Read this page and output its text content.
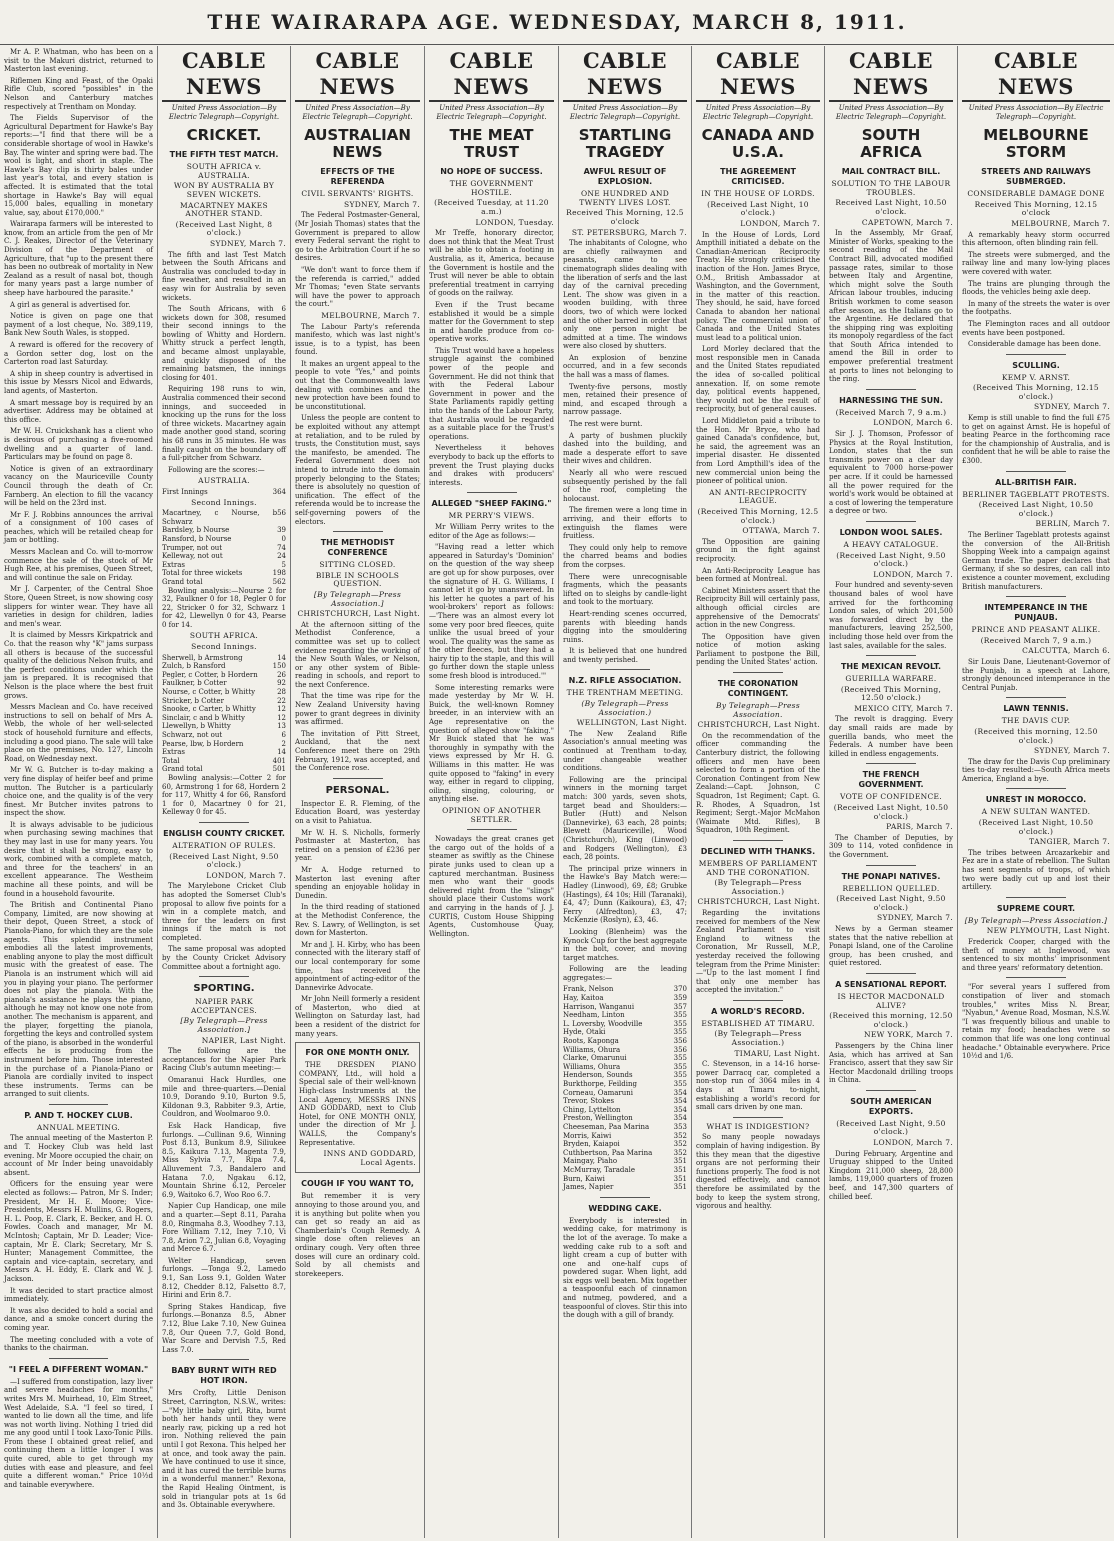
THE WAIRARAPA AGE. WEDNESDAY, MARCH 8, 1911.

Mr A. P. Whatman, who has been on a visit to the Makuri district, returned to Masterton last evening.

Riflemen King and Feast, of the Opaki Rifle Club, scored "possibles" in the Nelson and Canterbury matches respectively at Trentham on Monday.

The Fields Supervisor of the Agricultural Department for Hawke's Bay reports:—"I find that there will be a considerable shortage of wool in Hawke's Bay. The winter and spring were bad. The wool is light, and short in staple. The Hawke's Bay clip is thirty bales under last year's total, and every station is affected. It is estimated that the total shortage in Hawke's Bay will equal 15,000 bales, equalling in monetary value, say, about £170,000."

Wairarapa farmers will be interested to know, from an article from the pen of Mr C. J. Reakes, Director of the Veterinary Division of the Department of Agriculture, that "up to the present there has been no outbreak of mortality in New Zealand as a result of nasal bot, though for many years past a large number of sheep have harboured the parasite."

A girl as general is advertised for.

Notice is given on page one that payment of a lost cheque, No. 389,119, Bank New South Wales, is stopped.

A reward is offered for the recovery of a Gordon setter dog, lost on the Carterton road last Saturday.

A ship in sheep country is advertised in this issue by Messrs Nicol and Edwards, land agents, of Masterton.

A smart message boy is required by an advertiser. Address may be obtained at this office.

Mr W. H. Cruickshank has a client who is desirous of purchasing a five-roomed dwelling and a quarter of land. Particulars may be found on page 8.

Notice is given of an extraordinary vacancy on the Mauriceville County Council through the death of Cr. Farnberg. An election to fill the vacancy will be held on the 23rd inst.

Mr F. J. Robbins announces the arrival of a consignment of 100 cases of peaches, which will be retailed cheap for jam or bottling.

Messrs Maclean and Co. will to-morrow commence the sale of the stock of Mr Hugh Ree, at his premises, Queen Street, and will continue the sale on Friday.

Mr J. Carpenter, of the Central Shoe Store, Queen Street, is now showing cosy slippers for winter wear. They have all varieties in design for children, ladies and men's wear.

It is claimed by Messrs Kirkpatrick and Co. that the reason why "K" jams surpass all others is because of the successful quality of the delicious Nelson fruits, and the perfect conditions under which the jam is prepared. It is recognised that Nelson is the place where the best fruit grows.

Messrs Maclean and Co. have received instructions to sell on behalf of Mrs A. Webb, the whole of her well-selected stock of household furniture and effects, including a good piano. The sale will take place on the premises, No. 127, Lincoln Road, on Wednesday next.

Mr W. G. Butcher is to-day making a very fine display of heifer beef and prime mutton. The Butcher is a particularly choice one, and the quality is of the very finest. Mr Butcher invites patrons to inspect the show.

It is always advisable to be judicious when purchasing sewing machines that they may last in use for many years. You desire that it shall be strong, easy to work, combined with a complete match, and three for the teachers' in an excellent appearance. The Westheim machine all these points, and will be found in a household favourite.

The British and Continental Piano Company, Limited, are now showing at their depot, Queen Street, a stock of Pianola-Piano, for which they are the sole agents. This splendid instrument embodies all the latest improvements, enabling anyone to play the most difficult music with the greatest of ease. The Pianola is an instrument which will aid you in playing your piano. The performer does not play the pianola. With the pianola's assistance he plays the piano, although he may not know one note from another. The mechanism is apparent, and the player, forgetting the pianola, forgetting the keys and controlled system of the piano, is absorbed in the wonderful effects he is producing from the instrument before him. Those interested in the purchase of a Pianola-Piano or Pianola are cordially invited to inspect these instruments. Terms can be arranged to suit clients.

P. AND T. HOCKEY CLUB.
ANNUAL MEETING.

The annual meeting of the Masterton P. and T. Hockey Club was held last evening. Mr Moore occupied the chair, on account of Mr Inder being unavoidably absent.

Officers for the ensuing year were elected as follows:— Patron, Mr S. Inder; President, Mr H. E. Moore; Vice-Presidents, Messrs H. Mullins, G. Rogers, H. L. Poop, E. Clark, E. Becker, and H. O. Fowles. Coach and manager, Mr M. McIntosh; Captain, Mr D. Leader; Vice-captain, Mr E. Clark; Secretary, Mr S. Hunter; Management Committee, the captain and vice-captain, secretary, and Messrs A. H. Eddy, E. Clark and W. J. Jackson.

It was decided to start practice almost immediately.

It was also decided to hold a social and dance, and a smoke concert during the coming year.

The meeting concluded with a vote of thanks to the chairman.

"I FEEL A DIFFERENT WOMAN."

—I suffered from constipation, lazy liver and severe headaches for months," writes Mrs M. Muirhead, 10, Elm Street, West Adelaide, S.A. "I feel so tired, I wanted to lie down all the time, and life was not worth living. Nothing I tried did me any good until I took Laxo-Tonic Pills. From these I obtained great relief, and continuing them a little longer I was quite cured, able to get through my duties with ease and pleasure, and feel quite a different woman." Price 10½d and tainable everywhere.

CABLE NEWS
United Press Association—By Electric Telegraph—Copyright.
CRICKET.
THE FIFTH TEST MATCH.
SOUTH AFRICA v. AUSTRALIA.
WON BY AUSTRALIA BY SEVEN WICKETS.
MACARTNEY MAKES ANOTHER STAND.
(Received Last Night, 8 o'clock.)
SYDNEY, March 7.

The fifth and last Test Match between the South Africans and Australia was concluded to-day in fine weather, and resulted in an easy win for Australia by seven wickets.

The South Africans, with 6 wickets down for 308, resumed their second innings to the bowling of Whitty and Hordern. Whitty struck a perfect length, and became almost unplayable, and quickly disposed of the remaining batsmen, the innings closing for 401.

Requiring 198 runs to win, Australia commenced their second innings, and succeeded in knocking up the runs for the loss of three wickets. Macartney again made another good stand, scoring his 68 runs in 35 minutes. He was finally caught on the boundary off a full-pitcher from Schwarz.

Following are the scores:—

AUSTRALIA.
First Innings	364
Second Innings.
Macartney, c Nourse, b Schwarz
56
Bardsley, b Nourse	39
Ransford, b Nourse	0
Trumper, not out	74
Kelleway, not out	24
Extras	5
Total for three wickets	198
Grand total	562

Bowling analysis:—Nourse 2 for 32, Faulkner 0 for 18, Pegler 0 for 22, Stricker 0 for 32, Schwarz 1 for 42, Llewellyn 0 for 43, Pearse 0 for 14.

SOUTH AFRICA.
Second Innings.
Sherwell, b Armstrong	14
Zulch, b Ransford	150
Pegler, c Cotter, b Hordern	26
Faulkner, b Cotter	92
Nourse, c Cotter, b Whitty	28
Stricker, b Cotter	22
Snooke, c Carter, b Whitty	12
Sinclair, c and b Whitty	12
Llewellyn, b Whitty	13
Schwarz, not out	6
Pearse, lbw, b Hordern	2
Extras	14
Total	401
Grand total	501

Bowling analysis:—Cotter 2 for 60, Armstrong 1 for 68, Hordern 2 for 117, Whitty 4 for 66, Ransford 1 for 0, Macartney 0 for 21, Kelleway 0 for 45.

ENGLISH COUNTY CRICKET.
ALTERATION OF RULES.
(Received Last Night, 9.50 o'clock.)
LONDON, March 7.

The Marylebone Cricket Club has adopted the Somerset Club's proposal to allow five points for a win in a complete match, and three for the leaders on first innings if the match is not completed.

The same proposal was adopted by the County Cricket Advisory Committee about a fortnight ago.

SPORTING.
NAPIER PARK ACCEPTANCES.
[By Telegraph—Press Association.]
NAPIER, Last Night.

The following are the acceptances for the Napier Park Racing Club's autumn meeting:—

Omaranui Hack Hurdles, one mile and three-quarters.—Denial 10.9, Dorando 9.10, Burton 9.5, Kildonan 9.3, Rabbiter 9.3, Artie, Couldron, and Woolmaroo 9.0.

Esk Hack Handicap, five furlongs. —Cullinan 9.6, Winning Post 8.13, Bunkum 8.9, Siliukee 8.5, Kaikura 7.13, Magenta 7.9, Miss Sylvia 7.7, Ripa 7.4, Alluvement 7.3, Bandalero and Hatana 7.0, Ngakau 6.12, Mountain Shrine 6.12, Perceler 6.9, Waitoko 6.7, Woo Roo 6.7.

Napier Cup Handicap, one mile and a quarter.—Sept 8.11, Paraha 8.0, Ringmaha 8.3, Woodhey 7.13, Fore William 7.12, Iney 7.10, Vi 7.8, Arion 7.2, Julian 6.8, Voyaging and Merce 6.7.

Welter Handicap, seven furlongs. —Tonga 9.2, Lamedo 9.1, San Loss 9.1, Golden Water 8.12, Chedder 8.12, Falsetto 8.7, Hirini and Erin 8.7.

Spring Stakes Handicap, five furlongs.—Bonanza 8.5, Abner 7.12, Blue Lake 7.10, New Guinea 7.8, Our Queen 7.7, Gold Bond, War Scare and Dervish 7.5, Red Lass 7.0.

BABY BURNT WITH RED HOT IRON.

Mrs Crofty, Little Denison Street, Carrington, N.S.W., writes:—"My little baby girl, Rita, burnt both her hands until they were nearly raw, picking up a red hot iron. Nothing relieved the pain until I got Rexona. This helped her at once, and took away the pain. We have continued to use it since, and it has cured the terrible burns in a wonderful manner." Rexona, the Rapid Healing Ointment, is sold in triangular pots at 1s 6d and 3s. Obtainable everywhere.

CABLE NEWS
United Press Association—By Electric Telegraph—Copyright.
AUSTRALIAN NEWS
EFFECTS OF THE REFERENDA
CIVIL SERVANTS' RIGHTS.
SYDNEY, March 7.

The Federal Postmaster-General, (Mr Josiah Thomas) states that the Government is prepared to allow every Federal servant the right to go to the Arbitration Court if he so desires.

"We don't want to force them if the referenda is carried," added Mr Thomas; "even State servants will have the power to approach the court."

MELBOURNE, March 7.

The Labour Party's referenda manifesto, which was last night's issue, is to a typist, has been found.

It makes an urgent appeal to the people to vote "Yes," and points out that the Commonwealth laws dealing with combines and the new protection have been found to be unconstitutional.

Unless the people are content to be exploited without any attempt at retaliation, and to be ruled by trusts, the Constitution must, says the manifesto, be amended. The Federal Government does not intend to intrude into the domain properly belonging to the States; there is absolutely no question of unification. The effect of the referenda would be to increase the self-governing powers of the electors.

THE METHODIST CONFERENCE
SITTING CLOSED.
BIBLE IN SCHOOLS QUESTION.
[By Telegraph—Press Association.]
CHRISTCHURCH, Last Night.

At the afternoon sitting of the Methodist Conference, a committee was set up to collect evidence regarding the working of the New South Wales, or Nelson, or any other system of Bible-reading in schools, and report to the next Conference.

That the time was ripe for the New Zealand University having power to grant degrees in divinity was affirmed.

The invitation of Pitt Street, Auckland, that the next Conference meet there on 29th February, 1912, was accepted, and the Conference rose.

PERSONAL.

Inspector E. R. Fleming, of the Education Board, was yesterday on a visit to Pahiatua.

Mr W. H. S. Nicholls, formerly Postmaster at Masterton, has retired on a pension of £236 per year.

Mr A. Hodge returned to Masterton last evening after spending an enjoyable holiday in Dunedin.

In the third reading of stationed at the Methodist Conference, the Rev. S. Lawry, of Wellington, is set down for Masterton.

Mr and J. H. Kirby, who has been connected with the literary staff of our local contemporary for some time, has received the appointment of acting-editor of the Dannevirke Advocate.

Mr John Neill formerly a resident of Masterton, who died at Wellington on Saturday last, had been a resident of the district for many years.

FOR ONE MONTH ONLY.

THE DRESDEN PIANO COMPANY, Ltd., will hold a Special sale of their well-known High-class Instruments at the Local Agency, MESSRS INNS AND GODDARD, next to Club Hotel, for ONE MONTH ONLY, under the direction of Mr J. WALLS, the Company's Representative.

INNS AND GODDARD, Local Agents.
COUGH IF YOU WANT TO,

But remember it is very annoying to those around you, and it is anything but polite when you can get so ready an aid as Chamberlain's Cough Remedy. A single dose often relieves an ordinary cough. Very often three doses will cure an ordinary cold. Sold by all chemists and storekeepers.

CABLE NEWS
United Press Association—By Electric Telegraph—Copyright.
THE MEAT TRUST
NO HOPE OF SUCCESS.
THE GOVERNMENT HOSTILE.
(Received Tuesday, at 11.20 a.m.)
LONDON, Tuesday.

Mr Treffe, honorary director, does not think that the Meat Trust will be able to obtain a footing in Australia, as it, America, because the Government is hostile and the Trust will never be able to obtain preferential treatment in carrying of goods on the railway.

Even if the Trust became established it would be a simple matter for the Government to step in and handle produce from co-operative works.

This Trust would have a hopeless struggle against the combined power of the people and Government. He did not think that with the Federal Labour Government in power and the State Parliaments rapidly getting into the hands of the Labour Party, that Australia would be regarded as a suitable place for the Trust's operations.

Nevertheless it behoves everybody to back up the efforts to prevent the Trust playing ducks and drakes with producers' interests.

ALLEGED "SHEEP FAKING."
MR PERRY'S VIEWS.

Mr William Perry writes to the editor of the Age as follows:—

"Having read a letter which appeared in Saturday's 'Dominion' on the question of the way sheep are got up for show purposes, over the signature of H. G. Williams, I cannot let it go by unanswered. In his letter he quotes a part of his wool-brokers' report as follows:—'There was an almost every lot some very poor bred fleeces, quite unlike the usual breed of your wool. The quality was the same as the other fleeces, but they had a hairy tip to the staple, and this will go further down the staple unless some fresh blood is introduced.'"

Some interesting remarks were made yesterday by Mr W. H. Buick, the well-known Romney breeder, in an interview with an Age representative on the question of alleged show "faking." Mr Buick stated that he was thoroughly in sympathy with the views expressed by Mr H. G. Williams in this matter. He was quite opposed to "faking" in every way, either in regard to clipping, oiling, singing, colouring, or anything else.

OPINION OF ANOTHER SETTLER.

Nowadays the great cranes get the cargo out of the holds of a steamer as swiftly as the Chinese pirate junks used to clean up a captured merchantman. Business men who want their goods delivered right from the "slings" should place their Customs work and carrying in the hands of J. J. CURTIS, Custom House Shipping Agents, Customhouse Quay, Wellington.

CABLE NEWS
United Press Association—By Electric Telegraph—Copyright.
STARTLING TRAGEDY
AWFUL RESULT OF EXPLOSION.
ONE HUNDRED AND TWENTY LIVES LOST.
Received This Morning, 12.5 o'clock
ST. PETERSBURG, March 7.

The inhabitants of Cologne, who are chiefly railwaymen and peasants, came to see cinematograph slides dealing with the liberation of serfs and the last day of the carnival preceding Lent. The show was given in a wooden building, with three doors, two of which were locked and the other barred in order that only one person might be admitted at a time. The windows were also closed by shutters.

An explosion of benzine occurred, and in a few seconds the hall was a mass of flames.

Twenty-five persons, mostly men, retained their presence of mind, and escaped through a narrow passage.

The rest were burnt.

A party of bushmen pluckily dashed into the building, and made a desperate effort to save their wives and children.

Nearly all who were rescued subsequently perished by the fall of the roof, completing the holocaust.

The firemen were a long time in arriving, and their efforts to extinguish the flames were fruitless.

They could only help to remove the charred beams and bodies from the corpses.

There were unrecognisable fragments, which the peasants lifted on to sleighs by candle-light and took to the mortuary.

Heart-rending scenes occurred, parents with bleeding hands digging into the smouldering ruins.

It is believed that one hundred and twenty perished.

N.Z. RIFLE ASSOCIATION.
THE TRENTHAM MEETING.
(By Telegraph—Press Association.)
WELLINGTON, Last Night.

The New Zealand Rifle Association's annual meeting was continued at Trentham to-day, under changeable weather conditions.

Following are the principal winners in the morning target match: 300 yards, seven shots, target bead and Shoulders:—Butler (Hutt) and Nelson (Dannevirke), 63 each, 28 points; Blewett (Mauriceville), Wood (Christchurch), King (Linwood) and Rodgers (Wellington), £3 each, 28 points.

The principal prize winners in the Hawke's Bay Match were:—Hadley (Linwood), 69, £8; Grubke (Hastings), £4 10s; Hill (Taranaki), £4, 47; Dunn (Kaikoura), £3, 47; Ferry (Alfredton), £3, 47; McKenzie (Roslyn), £3, 46.

Looking (Blenheim) was the Kynock Cup for the best aggregate in the bolt, cover, and moving target matches.

Following are the leading aggregates:—

Frank, Nelson	370
Hay, Kaitoa	359
Harrison, Wanganui	357
Needham, Linton	355
L. Loversby, Woodville	355
Hyde, Otaki	355
Roots, Kaponga	356
Williams, Ohura	356
Clarke, Omarunui	355
Williams, Ohura	355
Henderson, Sounds	355
Burkthorpe, Feilding	355
Corneau, Oamaruni	354
Trevor, Stokes	354
Ching, Lyttelton	354
Preston, Wellington	354
Cheeseman, Paa Marina	353
Morris, Kaiwi	352
Bryden, Kaiapoi	352
Cuthbertson, Paa Marina	352
Maingay, Piaho	351
McMurray, Taradale	351
Burn, Kaiwi	351
James, Napier	351
WEDDING CAKE.

Everybody is interested in wedding cake, for matrimony is the lot of the average. To make a wedding cake rub to a soft and light cream a cup of butter with one and one-half cups of powdered sugar. When light, add six eggs well beaten. Mix together a teaspoonful each of cinnamon and nutmeg, powdered, and a teaspoonful of cloves. Stir this into the dough with a gill of brandy.

CABLE NEWS
United Press Association—By Electric Telegraph—Copyright.
CANADA AND U.S.A.
THE AGREEMENT CRITICISED.
IN THE HOUSE OF LORDS.
(Received Last Night, 10 o'clock.)
LONDON, March 7.

In the House of Lords, Lord Ampthill initiated a debate on the Canadian-American Reciprocity Treaty. He strongly criticised the inaction of the Hon. James Bryce, O.M., British Ambassador at Washington, and the Government, in the matter of this reaction. They should, he said, have forced Canada to abandon her national policy. The commercial union of Canada and the United States must lead to a political union.

Lord Morley declared that the most responsible men in Canada and the United States repudiated the idea of so-called political annexation. If, on some remote day, political events happened, they would not be the result of reciprocity, but of general causes.

Lord Middleton paid a tribute to the Hon. Mr Bryce, who had gained Canada's confidence, but, he said, the agreement was an imperial disaster. He dissented from Lord Ampthill's idea of the new commercial union being the pioneer of political union.

AN ANTI-RECIPROCITY LEAGUE.
(Received This Morning, 12.5 o'clock.)
OTTAWA, March 7.

The Opposition are gaining ground in the fight against reciprocity.

An Anti-Reciprocity League has been formed at Montreal.

Cabinet Ministers assert that the Reciprocity Bill will certainly pass, although official circles are apprehensive of the Democrats' action in the new Congress.

The Opposition have given notice of motion asking Parliament to postpone the Bill, pending the United States' action.

THE CORONATION CONTINGENT.
By Telegraph—Press Association.
CHRISTCHURCH, Last Night.

On the recommendation of the officer commanding the Canterbury district, the following officers and men have been selected to form a portion of the Coronation Contingent from New Zealand:—Capt. Johnson, C Squadron, 1st Regiment; Capt. G. R. Rhodes, A Squadron, 1st Regiment; Sergt.-Major McMahon (Waimate Mtd. Rifles), B Squadron, 10th Regiment.

DECLINED WITH THANKS.
MEMBERS OF PARLIAMENT AND THE CORONATION.
(By Telegraph—Press Association.)
CHRISTCHURCH, Last Night.

Regarding the invitations received for members of the New Zealand Parliament to visit England to witness the Coronation, Mr Russell, M.P., yesterday received the following telegram from the Prime Minister:—"Up to the last moment I find that only one member has accepted the invitation."

A WORLD'S RECORD.
ESTABLISHED AT TIMARU.
(By Telegraph—Press Association.)
TIMARU, Last Night.

C. Stevenson, in a 14-16 horse-power Darracq car, completed a non-stop run of 3064 miles in 4 days at Timaru to-night, establishing a world's record for small cars driven by one man.

WHAT IS INDIGESTION?

So many people nowadays complain of having indigestion. By this they mean that the digestive organs are not performing their functions properly. The food is not digested effectively, and cannot therefore be assimilated by the body to keep the system strong, vigorous and healthy.

CABLE NEWS
United Press Association—By Electric Telegraph—Copyright.
SOUTH AFRICA
MAIL CONTRACT BILL.
SOLUTION TO THE LABOUR TROUBLES.
Received Last Night, 10.50 o'clock.
CAPETOWN, March 7.

In the Assembly, Mr Graaf, Minister of Works, speaking to the second reading of the Mail Contract Bill, advocated modified passage rates, similar to those between Italy and Argentine, which might solve the South African labour troubles, inducing British workmen to come season after season, as the Italians go to the Argentine. He declared that the shipping ring was exploiting its monopoly regardless of the fact that South Africa intended to amend the Bill in order to empower preferential treatment at ports to lines not belonging to the ring.

HARNESSING THE SUN.
(Received March 7, 9 a.m.)
LONDON, March 6.

Sir J. J. Thomson, Professor of Physics at the Royal Institution, London, states that the sun transmits power on a clear day equivalent to 7000 horse-power per acre. If it could be harnessed all the power required for the world's work would be obtained at a cost of lowering the temperature a degree or two.

LONDON WOOL SALES.
A HEAVY CATALOGUE.
(Received Last Night, 9.50 o'clock.)
LONDON, March 7.

Four hundred and seventy-seven thousand bales of wool have arrived for the forthcoming London sales, of which 201,500 was forwarded direct by the manufacturers, leaving 252,500, including those held over from the last sales, available for the sales.

THE MEXICAN REVOLT.
GUERILLA WARFARE.
(Received This Morning, 12.50 o'clock.)
MEXICO CITY, March 7.

The revolt is dragging. Every day small raids are made by guerilla bands, who meet the Federals. A number have been killed in endless engagements.

THE FRENCH GOVERNMENT.
VOTE OF CONFIDENCE.
(Received Last Night, 10.50 o'clock.)
PARIS, March 7.

The Chamber of Deputies, by 309 to 114, voted confidence in the Government.

THE PONAPI NATIVES.
REBELLION QUELLED.
(Received Last Night, 9.50 o'clock.)
SYDNEY, March 7.

News by a German steamer states that the native rebellion at Ponapi Island, one of the Caroline group, has been crushed, and quiet restored.

A SENSATIONAL REPORT.
IS HECTOR MACDONALD ALIVE?
(Received this morning, 12.50 o'clock.)
NEW YORK, March 7.

Passengers by the China liner Asia, which has arrived at San Francisco, assert that they saw Sir Hector Macdonald drilling troops in China.

SOUTH AMERICAN EXPORTS.
(Received Last Night, 9.50 o'clock.)
LONDON, March 7.

During February, Argentine and Uruguay shipped to the United Kingdom 211,000 sheep, 28,800 lambs, 119,000 quarters of frozen beef, and 147,300 quarters of chilled beef.

CABLE NEWS
United Press Association—By Electric Telegraph—Copyright.
MELBOURNE STORM
STREETS AND RAILWAYS SUBMERGED.
CONSIDERABLE DAMAGE DONE
Received This Morning, 12.15 o'clock
MELBOURNE, March 7.

A remarkably heavy storm occurred this afternoon, often blinding rain fell.

The streets were submerged, and the railway line and many low-lying places were covered with water.

The trains are plunging through the floods, the vehicles being axle deep.

In many of the streets the water is over the footpaths.

The Flemington races and all outdoor events have been postponed.

Considerable damage has been done.

SCULLING.
KEMP V. ARNST.
(Received This Morning, 12.15 o'clock.)
SYDNEY, March 7.

Kemp is still unable to find the full £75 to get on against Arnst. He is hopeful of beating Pearce in the forthcoming race for the championship of Australia, and is confident that he will be able to raise the £300.

ALL-BRITISH FAIR.
BERLINER TAGEBLATT PROTESTS.
(Received Last Night, 10.50 o'clock.)
BERLIN, March 7.

The Berliner Tageblatt protests against the conversion of the All-British Shopping Week into a campaign against German trade. The paper declares that Germany, if she so desires, can call into existence a counter movement, excluding British manufacturers.

INTEMPERANCE IN THE PUNJAUB.
PRINCE AND PEASANT ALIKE.
(Received March 7, 9 a.m.)
CALCUTTA, March 6.

Sir Louis Dane, Lieutenant-Governor of the Punjab, in a speech at Lahore, strongly denounced intemperance in the Central Punjab.

LAWN TENNIS.
THE DAVIS CUP.
(Received this morning, 12.50 o'clock.)
SYDNEY, March 7.

The draw for the Davis Cup preliminary ties to-day resulted:—South Africa meets America, England a bye.

UNREST IN MOROCCO.
A NEW SULTAN WANTED.
(Received Last Night, 10.50 o'clock.)
TANGIER, March 7.

The tribes between Arcazarkebir and Fez are in a state of rebellion. The Sultan has sent segments of troops, of which two were badly cut up and lost their artillery.

SUPREME COURT.
[By Telegraph—Press Association.]
NEW PLYMOUTH, Last Night.

Frederick Cooper, charged with the theft of money at Inglewood, was sentenced to six months' imprisonment and three years' reformatory detention.

"For several years I suffered from constipation of liver and stomach troubles," writes Miss N. Brear, "Nyabun," Avenue Road, Mosman, N.S.W. "I was frequently bilious and unable to retain my food; headaches were so common that life was one long continual headache." Obtainable everywhere. Price 10½d and 1/6.
